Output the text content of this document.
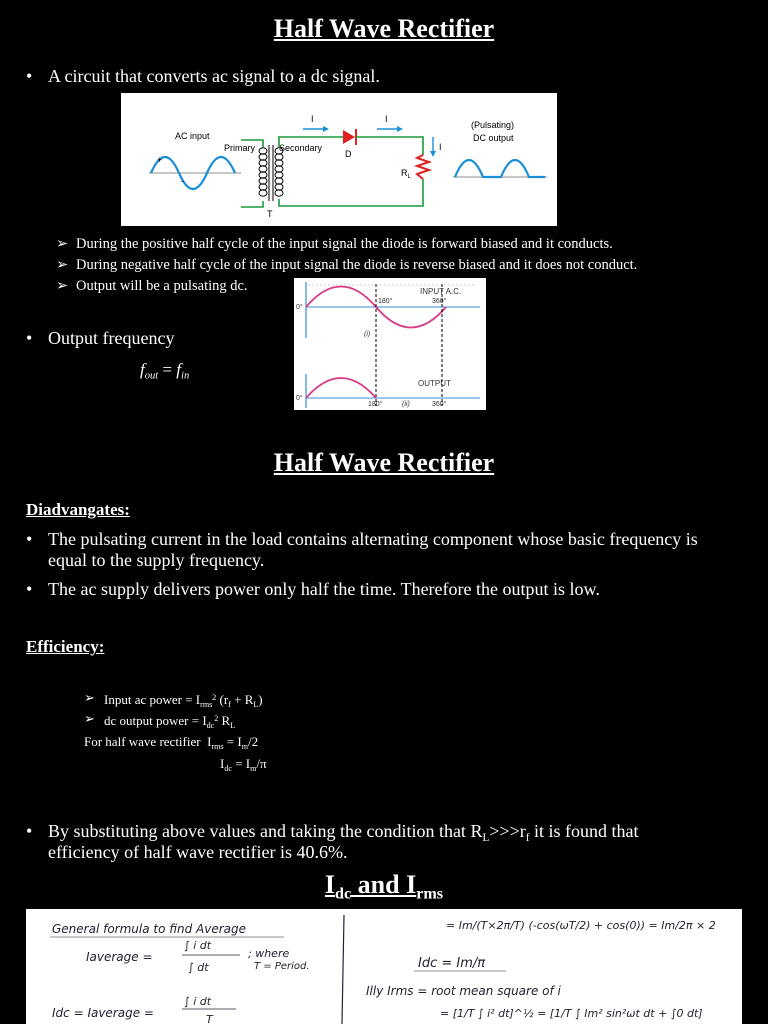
Half Wave Rectifier
• A circuit that converts ac signal to a dc signal.
AC input
+
-
Primary
T
Secondary
D
$R_L$
I	I
I
(Pulsating)
DC output
➢ During the positive half cycle of the input signal the diode is forward biased and it conducts.
➢ During negative half cycle of the input signal the diode is reverse biased and it does not conduct.
➢ Output will be a pulsating dc.
0°
180°	360°
INPUT A.C.
(i)
OUTPUT
0°
180°	(ii)	360°
• Output frequency
$f_{out} = f_{in}$
Half Wave Rectifier
Diadvangates:
• The pulsating current in the load contains alternating component whose basic frequency is
equal to the supply frequency.
• The ac supply delivers power only half the time. Therefore the output is low.
Efficiency:
➢ Input ac power = $I_{rms}^2$ $(r_f + R_L)$
➢ dc output power = $I_{dc}^2$ $R_L$
For half wave rectifier  $I_{rms} = I_m/2$
$I_{dc} = I_m/\pi$
• By substituting above values and taking the condition that $R_L>>>r_f$ it is found that
efficiency of half wave rectifier is 40.6%.
$I_{dc}$ and $I_{rms}$
General formula to find Average
Iaverage =
∫ i dt
∫ dt
; where
T = Period.
Idc = Iaverage =
∫ i dt
T
= Im/(T×2π/T) (-cos(ωT/2) + cos(0)) = Im/2π × 2
Idc = Im/π
Illy Irms = root mean square of i
= [1/T ∫ i² dt]^½ = [1/T ∫ Im² sin²ωt dt + ∫0 dt]
